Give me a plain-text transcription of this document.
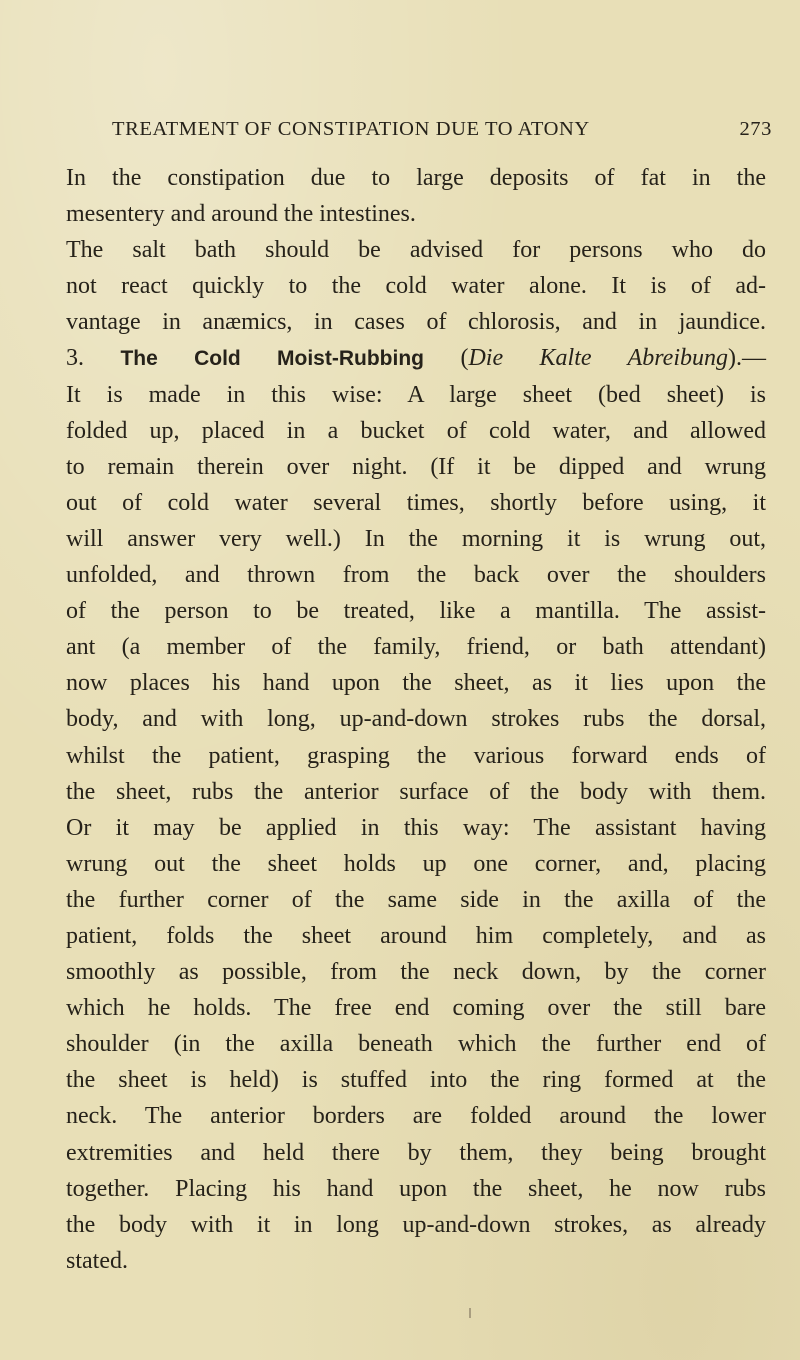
TREATMENT OF CONSTIPATION DUE TO ATONY	273
In the constipation due to large deposits of fat in the
mesentery and around the intestines.
The salt bath should be advised for persons who do
not react quickly to the cold water alone. It is of ad-
vantage in anæmics, in cases of chlorosis, and in jaundice.
3. The Cold Moist-Rubbing (Die Kalte Abreibung).—
It is made in this wise: A large sheet (bed sheet) is
folded up, placed in a bucket of cold water, and allowed
to remain therein over night. (If it be dipped and wrung
out of cold water several times, shortly before using, it
will answer very well.) In the morning it is wrung out,
unfolded, and thrown from the back over the shoulders
of the person to be treated, like a mantilla. The assist-
ant (a member of the family, friend, or bath attendant)
now places his hand upon the sheet, as it lies upon the
body, and with long, up-and-down strokes rubs the dorsal,
whilst the patient, grasping the various forward ends of
the sheet, rubs the anterior surface of the body with them.
Or it may be applied in this way: The assistant having
wrung out the sheet holds up one corner, and, placing
the further corner of the same side in the axilla of the
patient, folds the sheet around him completely, and as
smoothly as possible, from the neck down, by the corner
which he holds. The free end coming over the still bare
shoulder (in the axilla beneath which the further end of
the sheet is held) is stuffed into the ring formed at the
neck. The anterior borders are folded around the lower
extremities and held there by them, they being brought
together. Placing his hand upon the sheet, he now rubs
the body with it in long up-and-down strokes, as already
stated.
